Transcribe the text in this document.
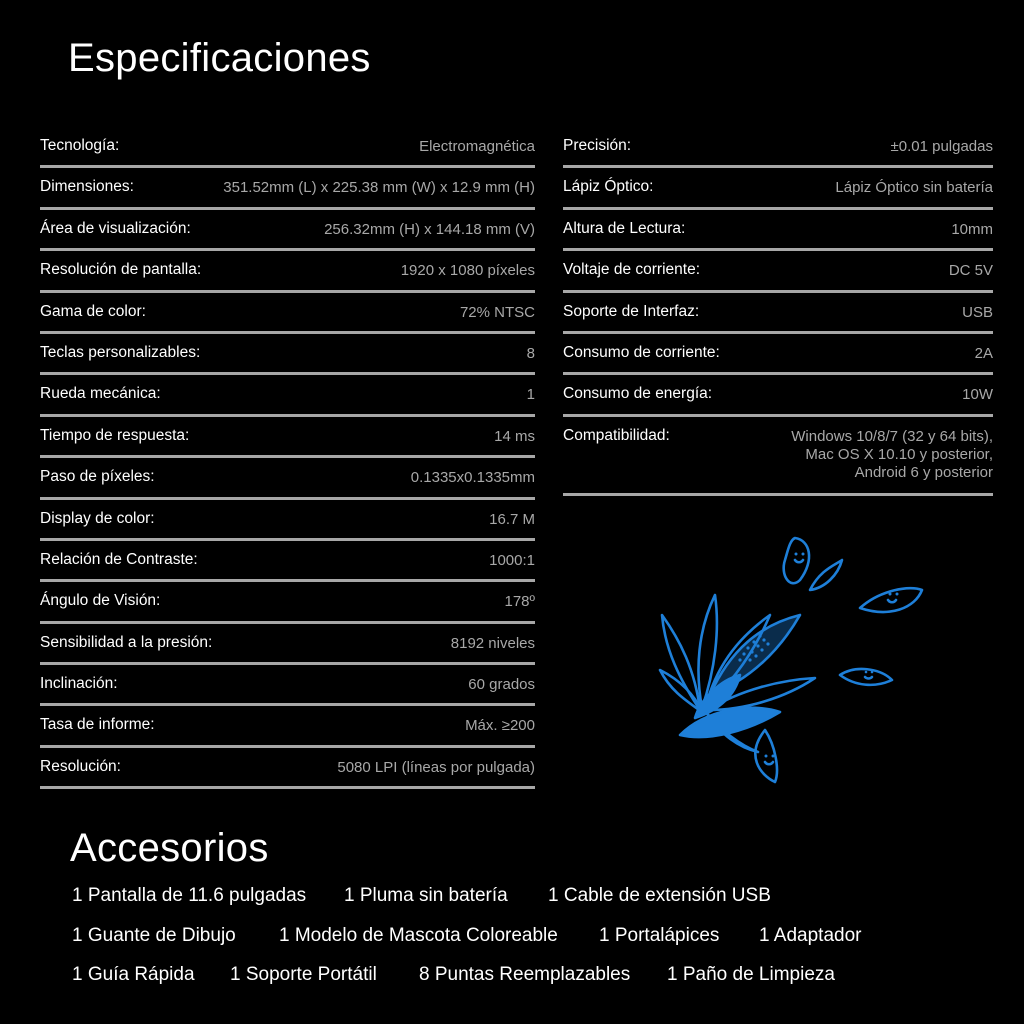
Especificaciones
Tecnología:	Electromagnética
Dimensiones:	351.52mm (L) x 225.38 mm (W) x 12.9 mm (H)
Área de visualización:	256.32mm (H) x 144.18 mm (V)
Resolución de pantalla:	1920 x 1080 píxeles
Gama de color:	72% NTSC
Teclas personalizables:	8
Rueda mecánica:	1
Tiempo de respuesta:	14 ms
Paso de píxeles:	0.1335x0.1335mm
Display de color:	16.7 M
Relación de Contraste:	1000:1
Ángulo de Visión:	178º
Sensibilidad a la presión:	8192 niveles
Inclinación:	60 grados
Tasa de informe:	Máx. ≥200
Resolución:	5080 LPI (líneas por pulgada)
Precisión:	±0.01 pulgadas
Lápiz Óptico:	Lápiz Óptico sin batería
Altura de Lectura:	10mm
Voltaje de corriente:	DC 5V
Soporte de Interfaz:	USB
Consumo de corriente:	2A
Consumo de energía:	10W
Compatibilidad:	Windows 10/8/7 (32 y 64 bits),
Mac OS X 10.10 y posterior,
Android 6 y posterior
Accesorios
1 Pantalla de 11.6 pulgadas 1 Pluma sin batería 1 Cable de extensión USB
1 Guante de Dibujo 1 Modelo de Mascota Coloreable 1 Portalápices 1 Adaptador
1 Guía Rápida 1 Soporte Portátil 8 Puntas Reemplazables 1 Paño de Limpieza
